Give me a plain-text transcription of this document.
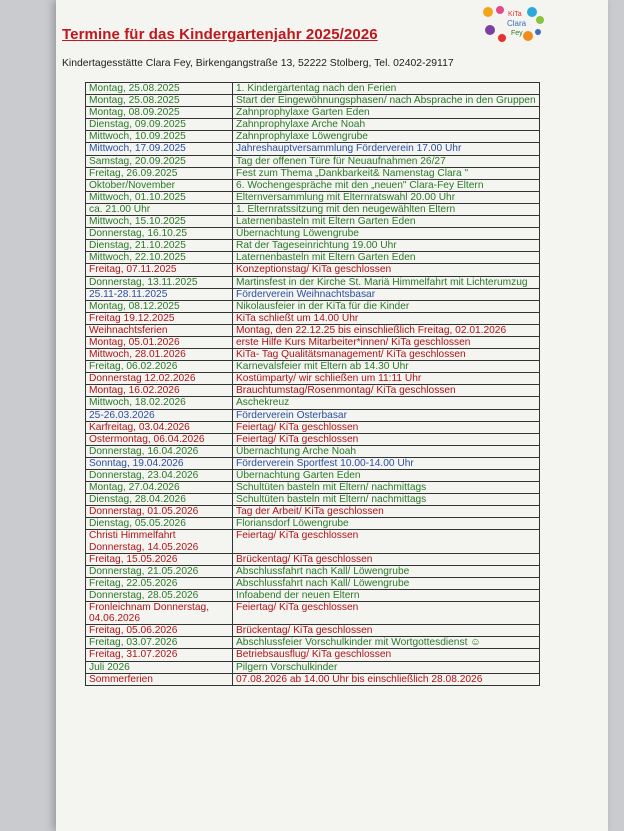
Termine für das Kindergartenjahr 2025/2026
KiTa
Clara
Fey
Kindertagesstätte Clara Fey, Birkengangstraße 13, 52222 Stolberg, Tel. 02402-29117
Montag, 25.08.2025	1. Kindergartentag nach den Ferien
Montag, 25.08.2025	Start der Eingewöhnungsphasen/ nach Absprache in den Gruppen
Montag, 08.09.2025	Zahnprophylaxe Garten Eden
Dienstag, 09.09.2025	Zahnprophylaxe Arche Noah
Mittwoch, 10.09.2025	Zahnprophylaxe Löwengrube
Mittwoch, 17.09.2025	Jahreshauptversammlung Förderverein 17.00 Uhr
Samstag, 20.09.2025	Tag der offenen Türe für Neuaufnahmen 26/27
Freitag, 26.09.2025	Fest zum Thema „Dankbarkeit& Namenstag Clara "
Oktober/November	6. Wochengespräche mit den „neuen" Clara-Fey Eltern
Mittwoch, 01.10.2025	Elternversammlung mit Elternratswahl 20.00 Uhr
ca. 21.00 Uhr	1. Elternratssitzung mit den neugewählten Eltern
Mittwoch, 15.10.2025	Laternenbasteln mit Eltern Garten Eden
Donnerstag, 16.10.25	Übernachtung Löwengrube
Dienstag, 21.10.2025	Rat der Tageseinrichtung 19.00 Uhr
Mittwoch, 22.10.2025	Laternenbasteln mit Eltern Garten Eden
Freitag, 07.11.2025	Konzeptionstag/ KiTa geschlossen
Donnerstag, 13.11.2025	Martinsfest in der Kirche St. Mariä Himmelfahrt mit Lichterumzug
25.11-28.11.2025	Förderverein Weihnachtsbasar
Montag, 08.12.2025	Nikolausfeier in der KiTa für die Kinder
Freitag 19.12.2025	KiTa schließt um 14.00 Uhr
Weihnachtsferien	Montag, den 22.12.25 bis einschließlich Freitag, 02.01.2026
Montag, 05.01.2026	erste Hilfe Kurs Mitarbeiter*innen/ KiTa geschlossen
Mittwoch, 28.01.2026	KiTa- Tag Qualitätsmanagement/ KiTa geschlossen
Freitag, 06.02.2026	Karnevalsfeier mit Eltern ab 14.30 Uhr
Donnerstag 12.02.2026	Kostümparty/ wir schließen um 11:11 Uhr
Montag, 16.02.2026	Brauchtumstag/Rosenmontag/ KiTa geschlossen
Mittwoch, 18.02.2026	Aschekreuz
25-26.03.2026	Förderverein Osterbasar
Karfreitag, 03.04.2026	Feiertag/ KiTa geschlossen
Ostermontag, 06.04.2026	Feiertag/ KiTa geschlossen
Donnerstag, 16.04.2026	Übernachtung Arche Noah
Sonntag, 19.04.2026	Förderverein Sportfest 10.00-14.00 Uhr
Donnerstag, 23.04.2026	Übernachtung Garten Eden
Montag, 27.04.2026	Schultüten basteln mit Eltern/ nachmittags
Dienstag, 28.04.2026	Schultüten basteln mit Eltern/ nachmittags
Donnerstag, 01.05.2026	Tag der Arbeit/ KiTa geschlossen
Dienstag, 05.05.2026	Floriansdorf Löwengrube
Christi Himmelfahrt Donnerstag, 14.05.2026	Feiertag/ KiTa geschlossen
Freitag, 15.05.2026	Brückentag/ KiTa geschlossen
Donnerstag, 21.05.2026	Abschlussfahrt nach Kall/ Löwengrube
Freitag, 22.05.2026	Abschlussfahrt nach Kall/ Löwengrube
Donnerstag, 28.05.2026	Infoabend der neuen Eltern
Fronleichnam Donnerstag, 04.06.2026	Feiertag/ KiTa geschlossen
Freitag, 05.06.2026	Brückentag/ KiTa geschlossen
Freitag, 03.07.2026	Abschlussfeier Vorschulkinder mit Wortgottesdienst ☺
Freitag, 31.07.2026	Betriebsausflug/ KiTa geschlossen
Juli 2026	Pilgern Vorschulkinder
Sommerferien	07.08.2026 ab 14.00 Uhr bis einschließlich 28.08.2026
